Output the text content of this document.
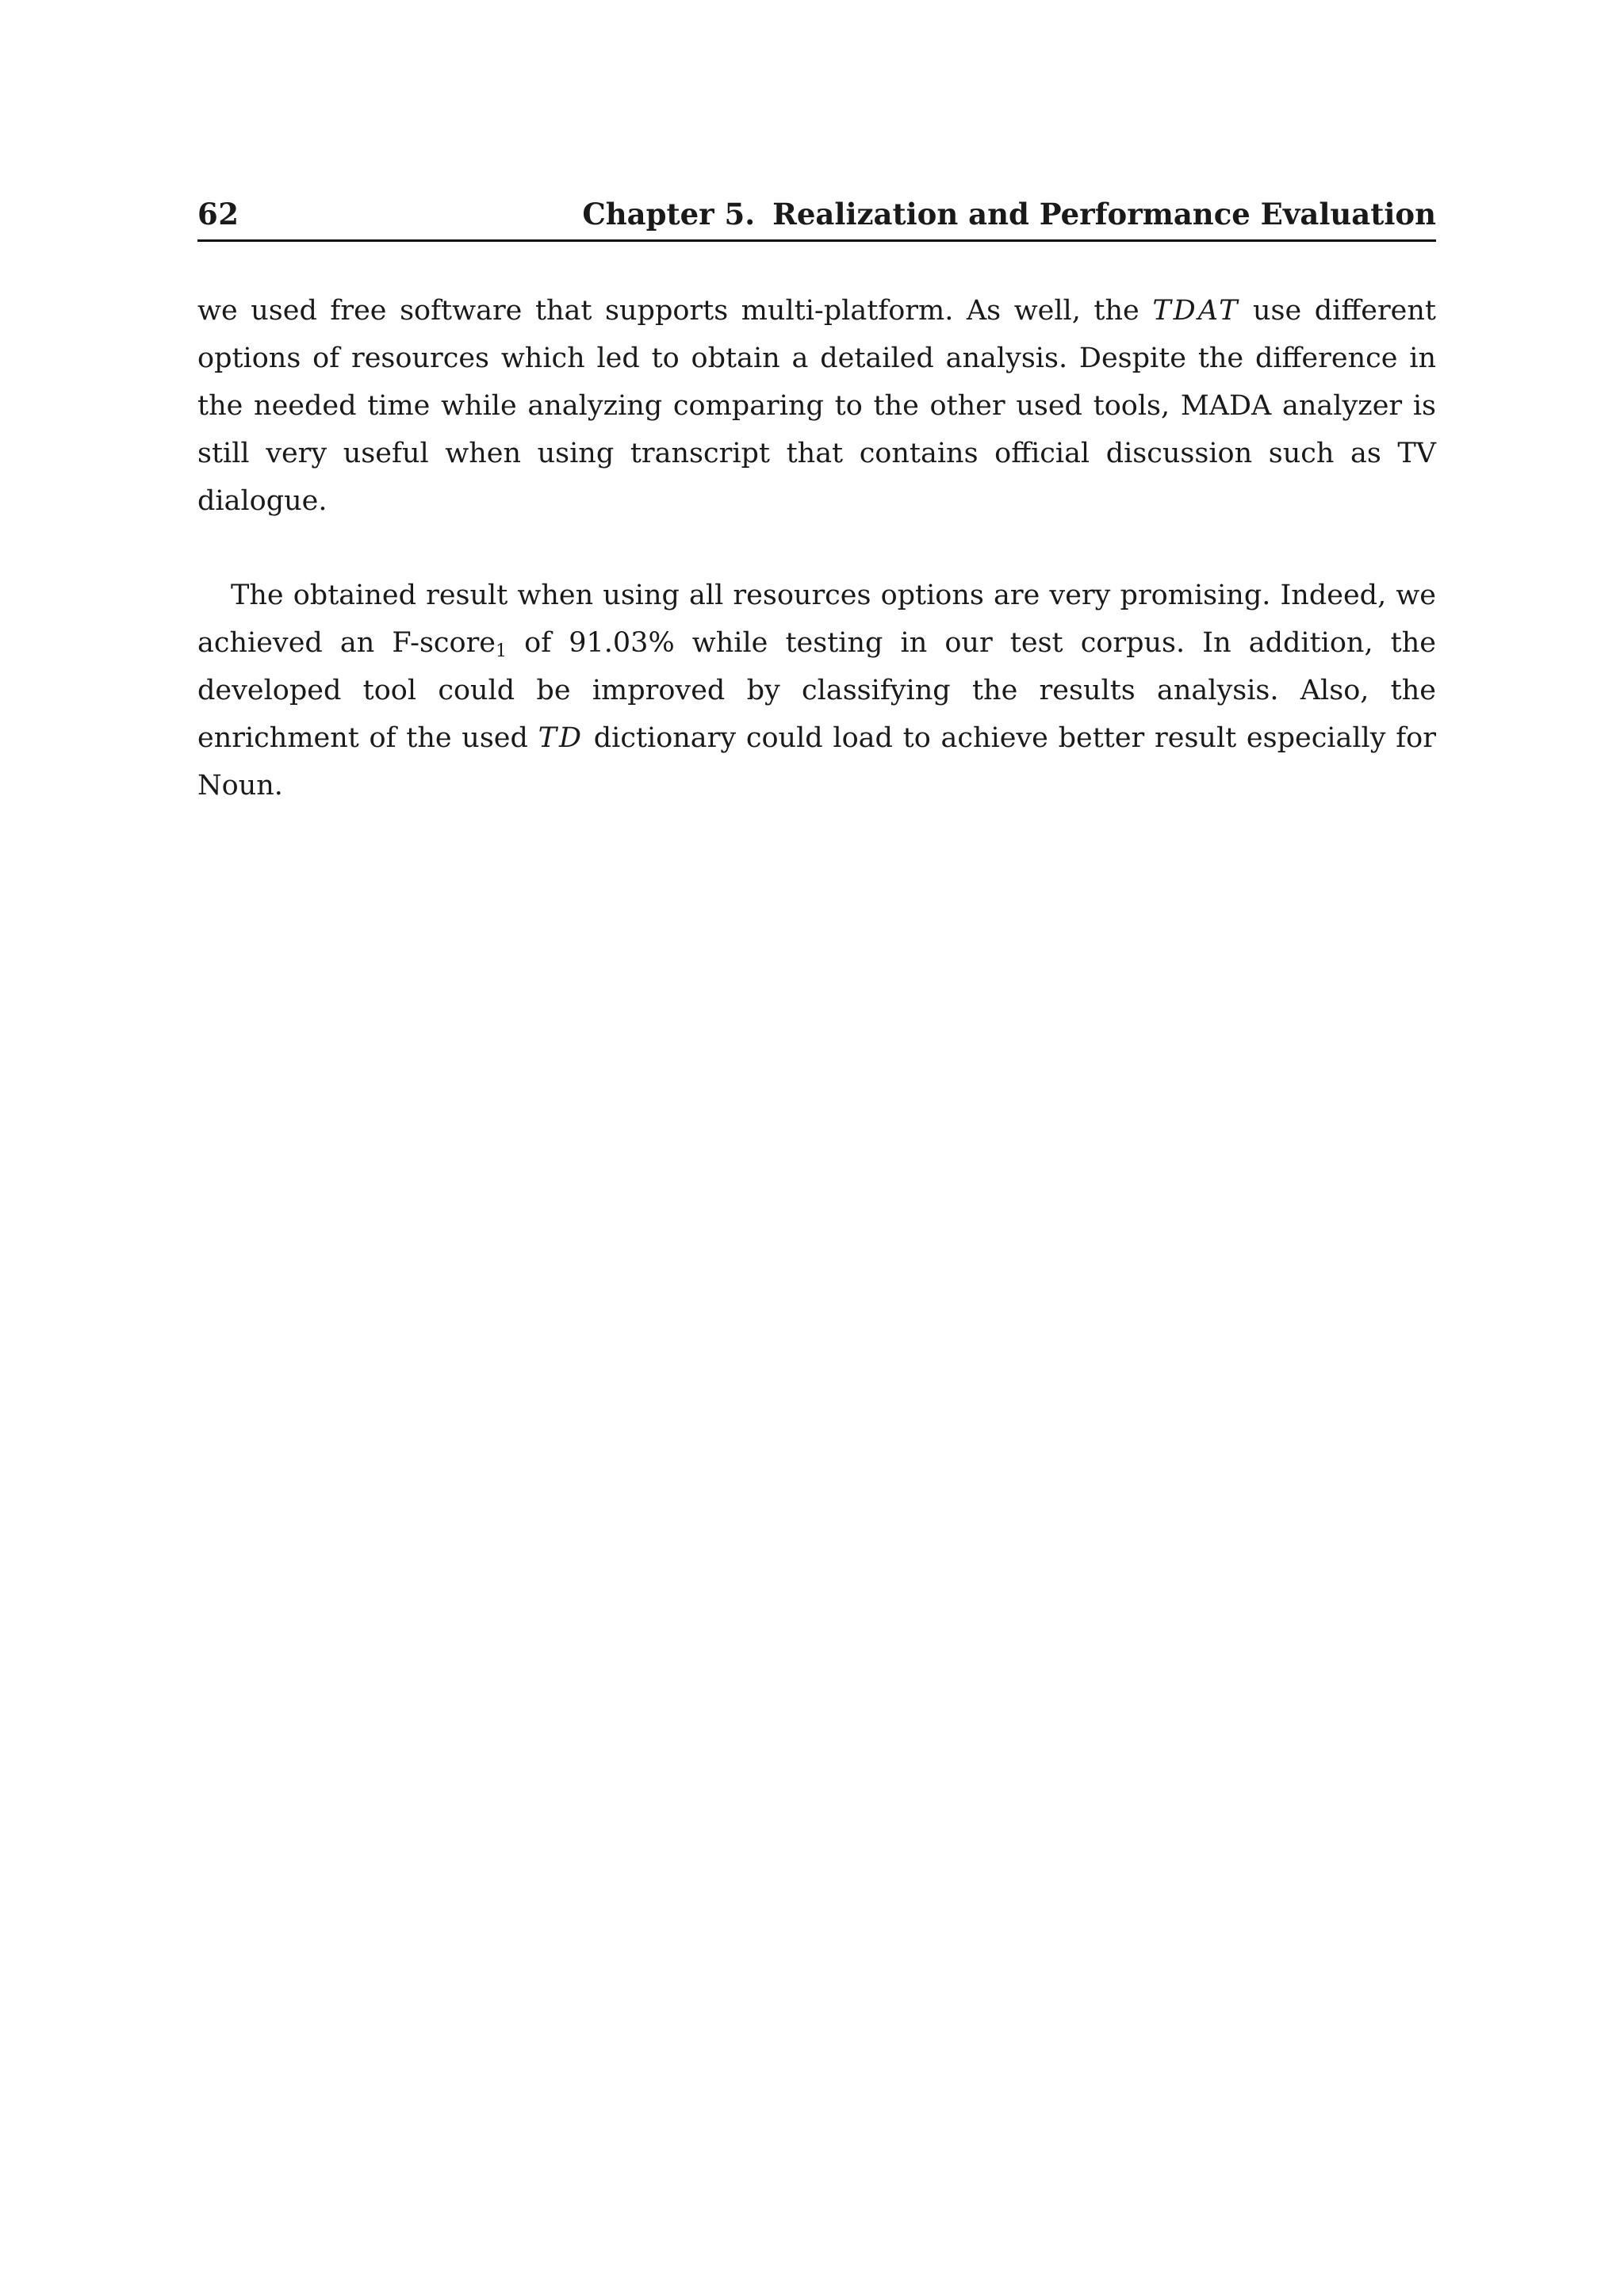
62	Chapter 5. Realization and Performance Evaluation

we used free software that supports multi-platform. As well, the TDAT use different options of resources which led to obtain a detailed analysis. Despite the difference in the needed time while analyzing comparing to the other used tools, MADA analyzer is still very useful when using transcript that contains official discussion such as TV dialogue.

The obtained result when using all resources options are very promising. Indeed, we achieved an F-score$_1$ of 91.03% while testing in our test corpus. In addition, the developed tool could be improved by classifying the results analysis. Also, the enrichment of the used TD dictionary could load to achieve better result especially for Noun.
